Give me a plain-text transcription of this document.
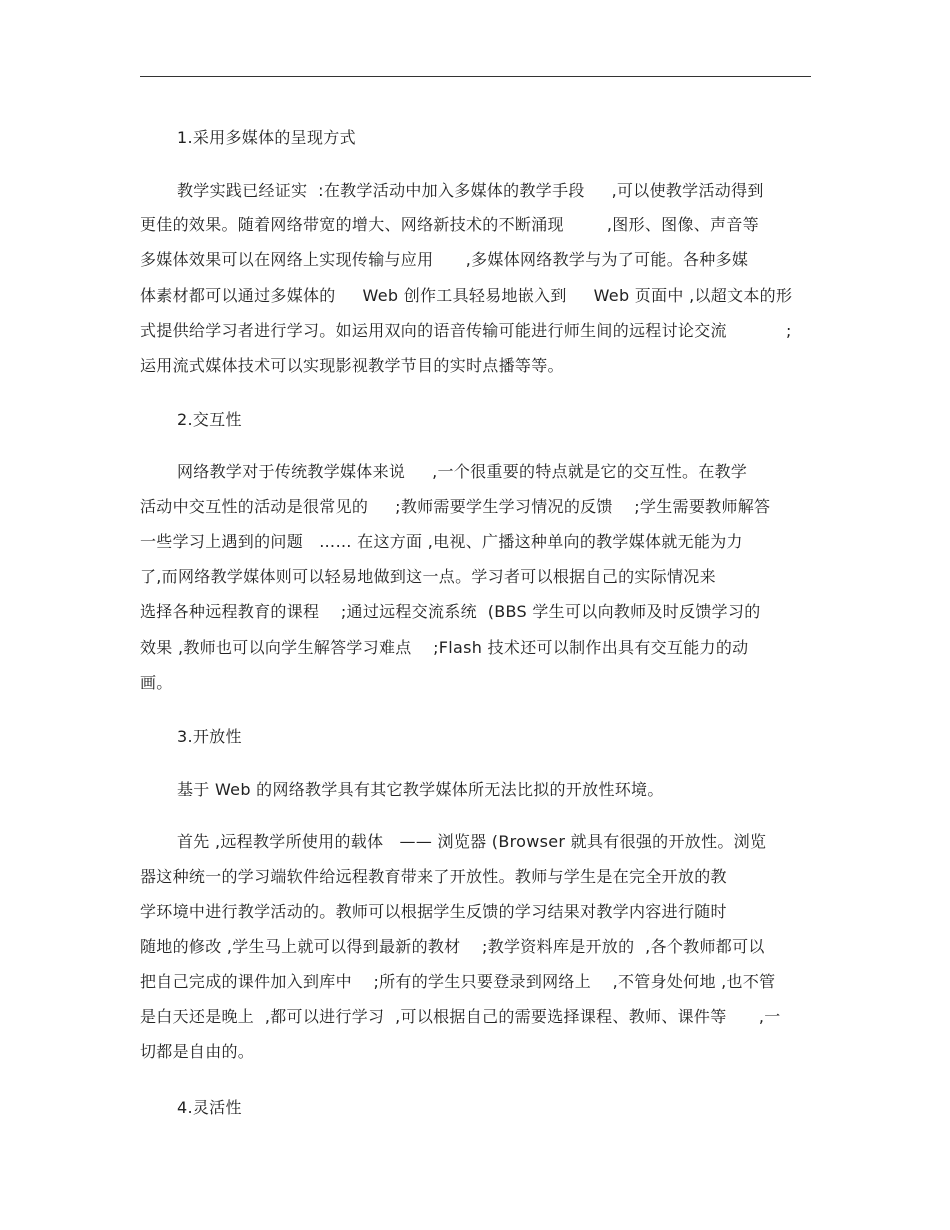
1.采用多媒体的呈现方式
教学实践已经证实  :在教学活动中加入多媒体的教学手段     ,可以使教学活动得到
更佳的效果。随着网络带宽的增大、网络新技术的不断涌现        ,图形、图像、声音等
多媒体效果可以在网络上实现传输与应用      ,多媒体网络教学与为了可能。各种多媒
体素材都可以通过多媒体的     Web 创作工具轻易地嵌入到     Web 页面中 ,以超文本的形
式提供给学习者进行学习。如运用双向的语音传输可能进行师生间的远程讨论交流           ;
运用流式媒体技术可以实现影视教学节目的实时点播等等。
2.交互性
网络教学对于传统教学媒体来说     ,一个很重要的特点就是它的交互性。在教学
活动中交互性的活动是很常见的     ;教师需要学生学习情况的反馈    ;学生需要教师解答
一些学习上遇到的问题   …… 在这方面 ,电视、广播这种单向的教学媒体就无能为力
了,而网络教学媒体则可以轻易地做到这一点。学习者可以根据自己的实际情况来
选择各种远程教育的课程    ;通过远程交流系统  (BBS 学生可以向教师及时反馈学习的
效果 ,教师也可以向学生解答学习难点    ;Flash 技术还可以制作出具有交互能力的动
画。
3.开放性
基于 Web 的网络教学具有其它教学媒体所无法比拟的开放性环境。
首先 ,远程教学所使用的载体   —— 浏览器 (Browser 就具有很强的开放性。浏览
器这种统一的学习端软件给远程教育带来了开放性。教师与学生是在完全开放的教
学环境中进行教学活动的。教师可以根据学生反馈的学习结果对教学内容进行随时
随地的修改 ,学生马上就可以得到最新的教材    ;教学资料库是开放的  ,各个教师都可以
把自己完成的课件加入到库中    ;所有的学生只要登录到网络上    ,不管身处何地 ,也不管
是白天还是晚上  ,都可以进行学习  ,可以根据自己的需要选择课程、教师、课件等      ,一
切都是自由的。
4.灵活性
